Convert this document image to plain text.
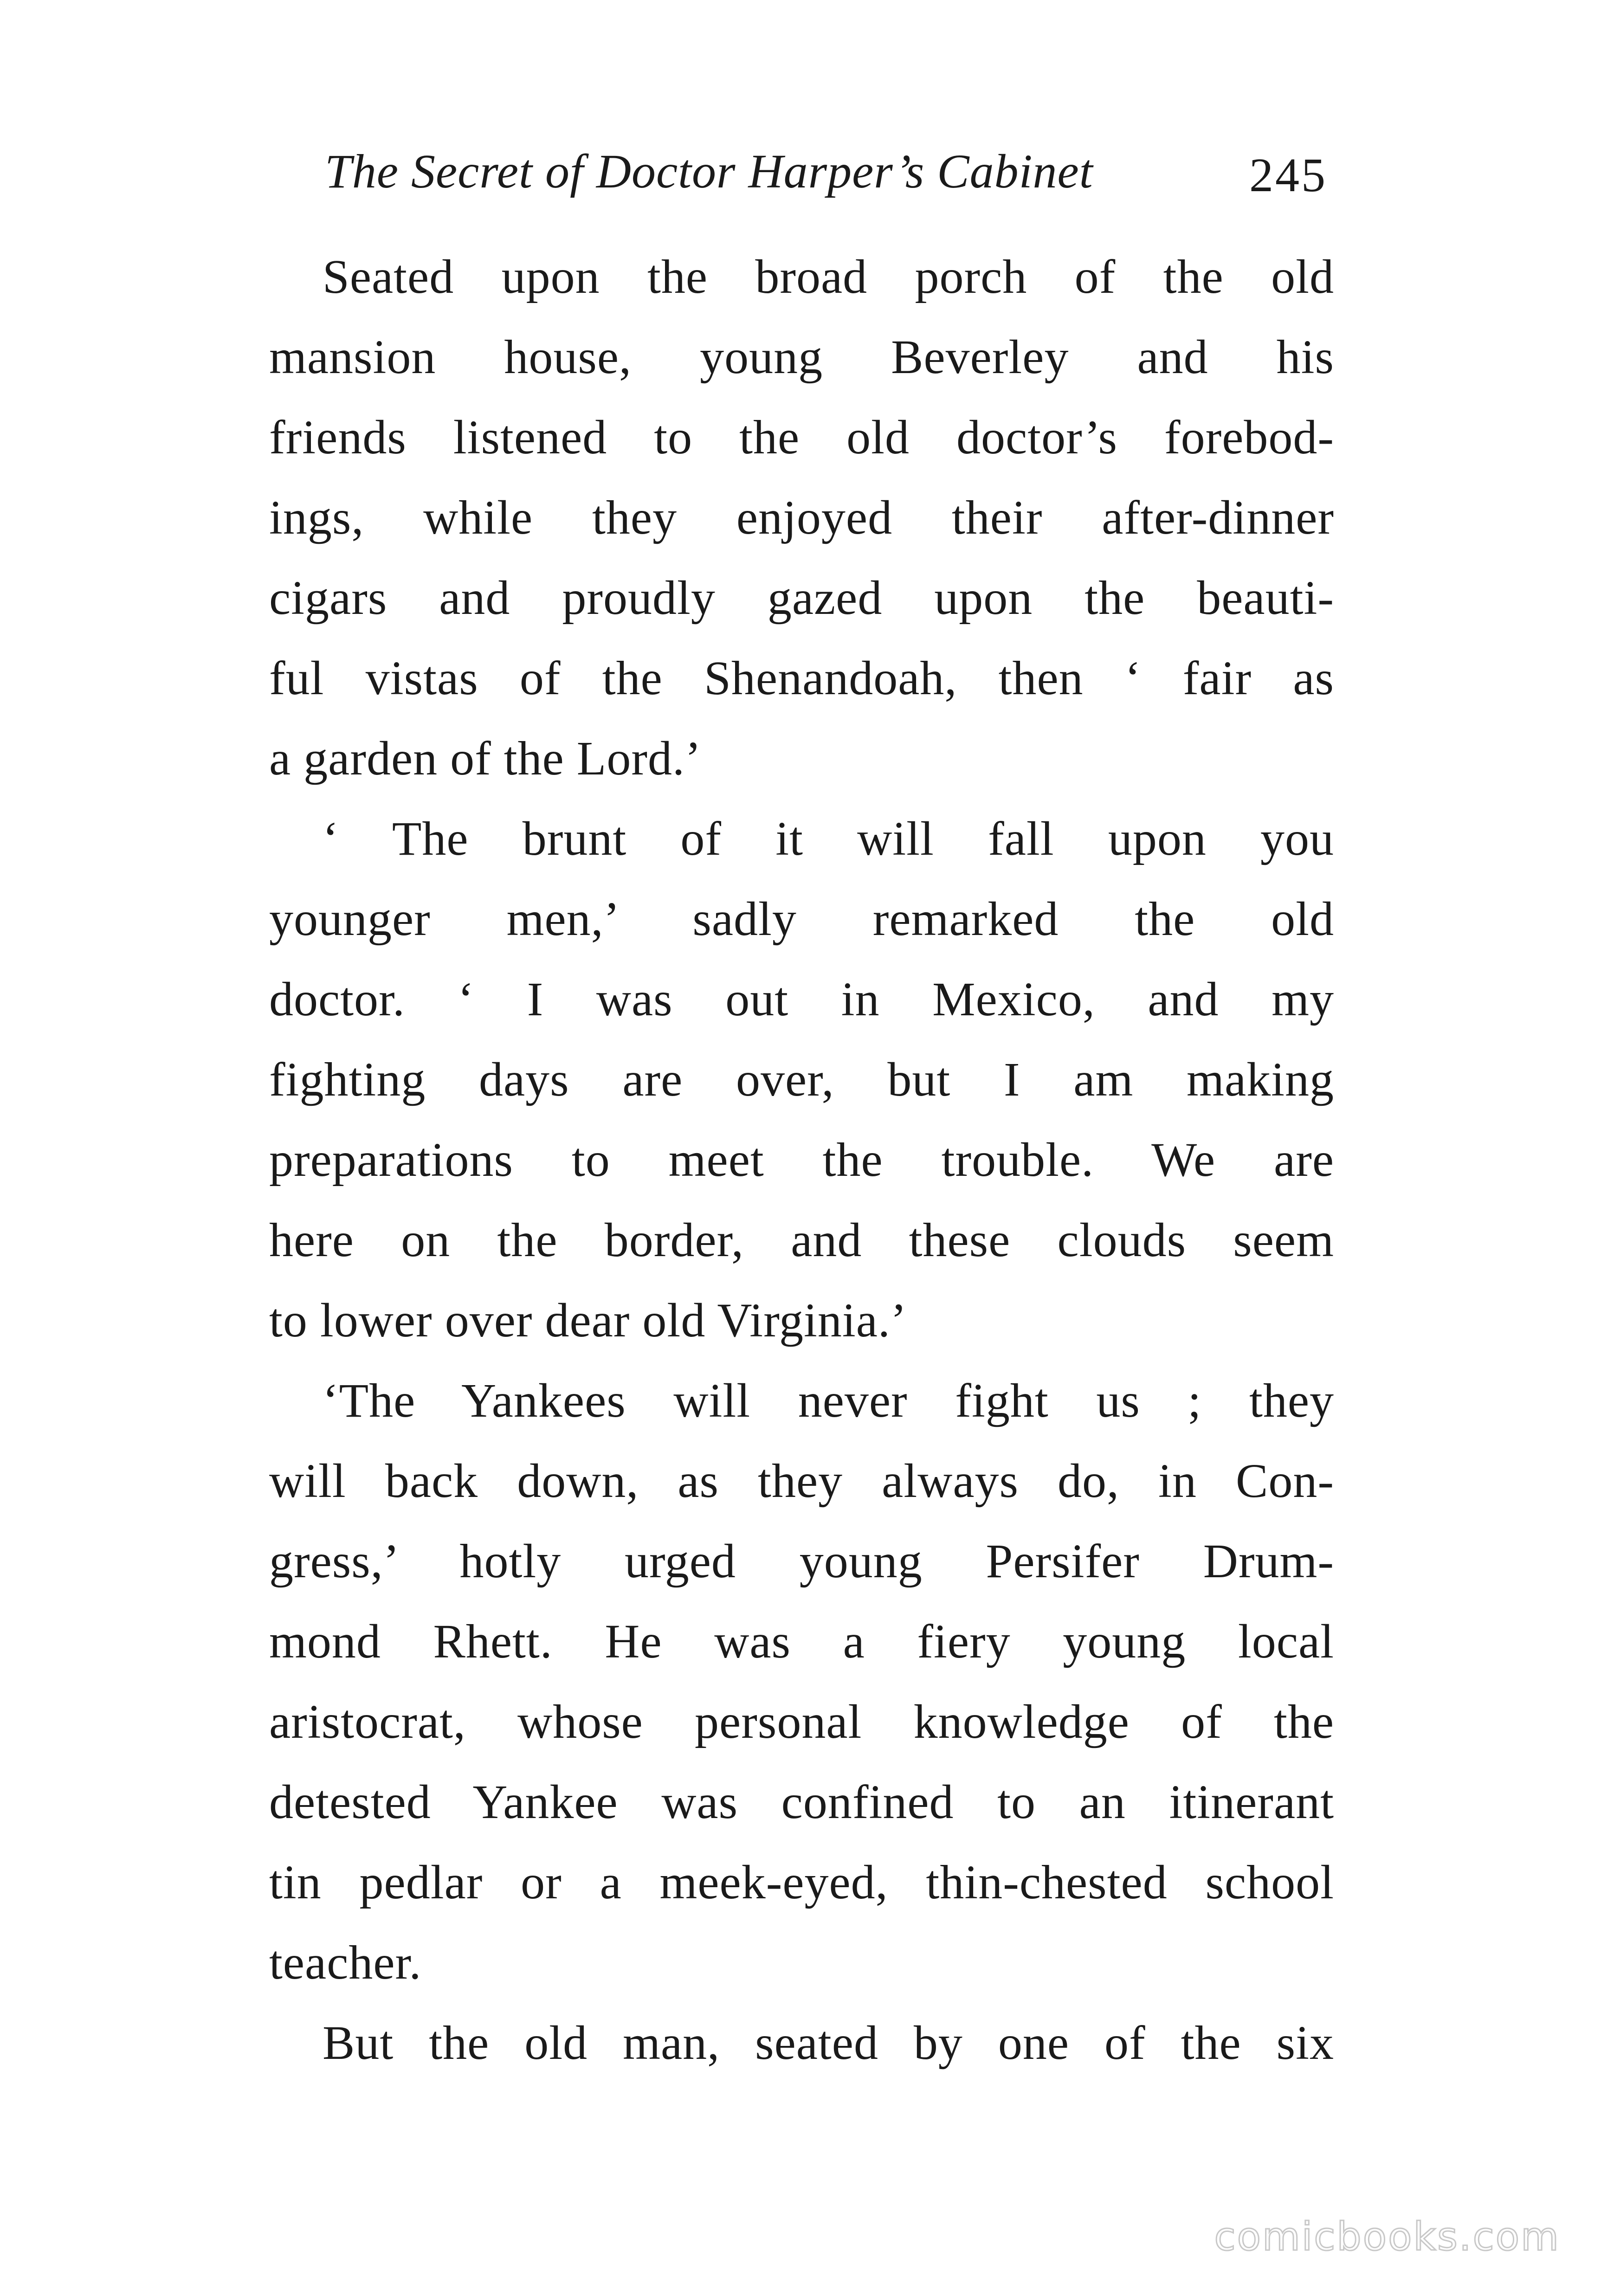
The Secret of Doctor Harper’s Cabinet	245
Seated upon the broad porch of the old
mansion house, young Beverley and his
friends listened to the old doctor’s forebod-
ings, while they enjoyed their after-dinner
cigars and proudly gazed upon the beauti-
ful vistas of the Shenandoah, then ‘ fair as
a garden of the Lord.’
‘ The brunt of it will fall upon you
younger men,’ sadly remarked the old
doctor. ‘ I was out in Mexico, and my
fighting days are over, but I am making
preparations to meet the trouble. We are
here on the border, and these clouds seem
to lower over dear old Virginia.’
‘The Yankees will never fight us ; they
will back down, as they always do, in Con-
gress,’ hotly urged young Persifer Drum-
mond Rhett. He was a fiery young local
aristocrat, whose personal knowledge of the
detested Yankee was confined to an itinerant
tin pedlar or a meek-eyed, thin-chested school
teacher.
But the old man, seated by one of the six
comicbooks.com
